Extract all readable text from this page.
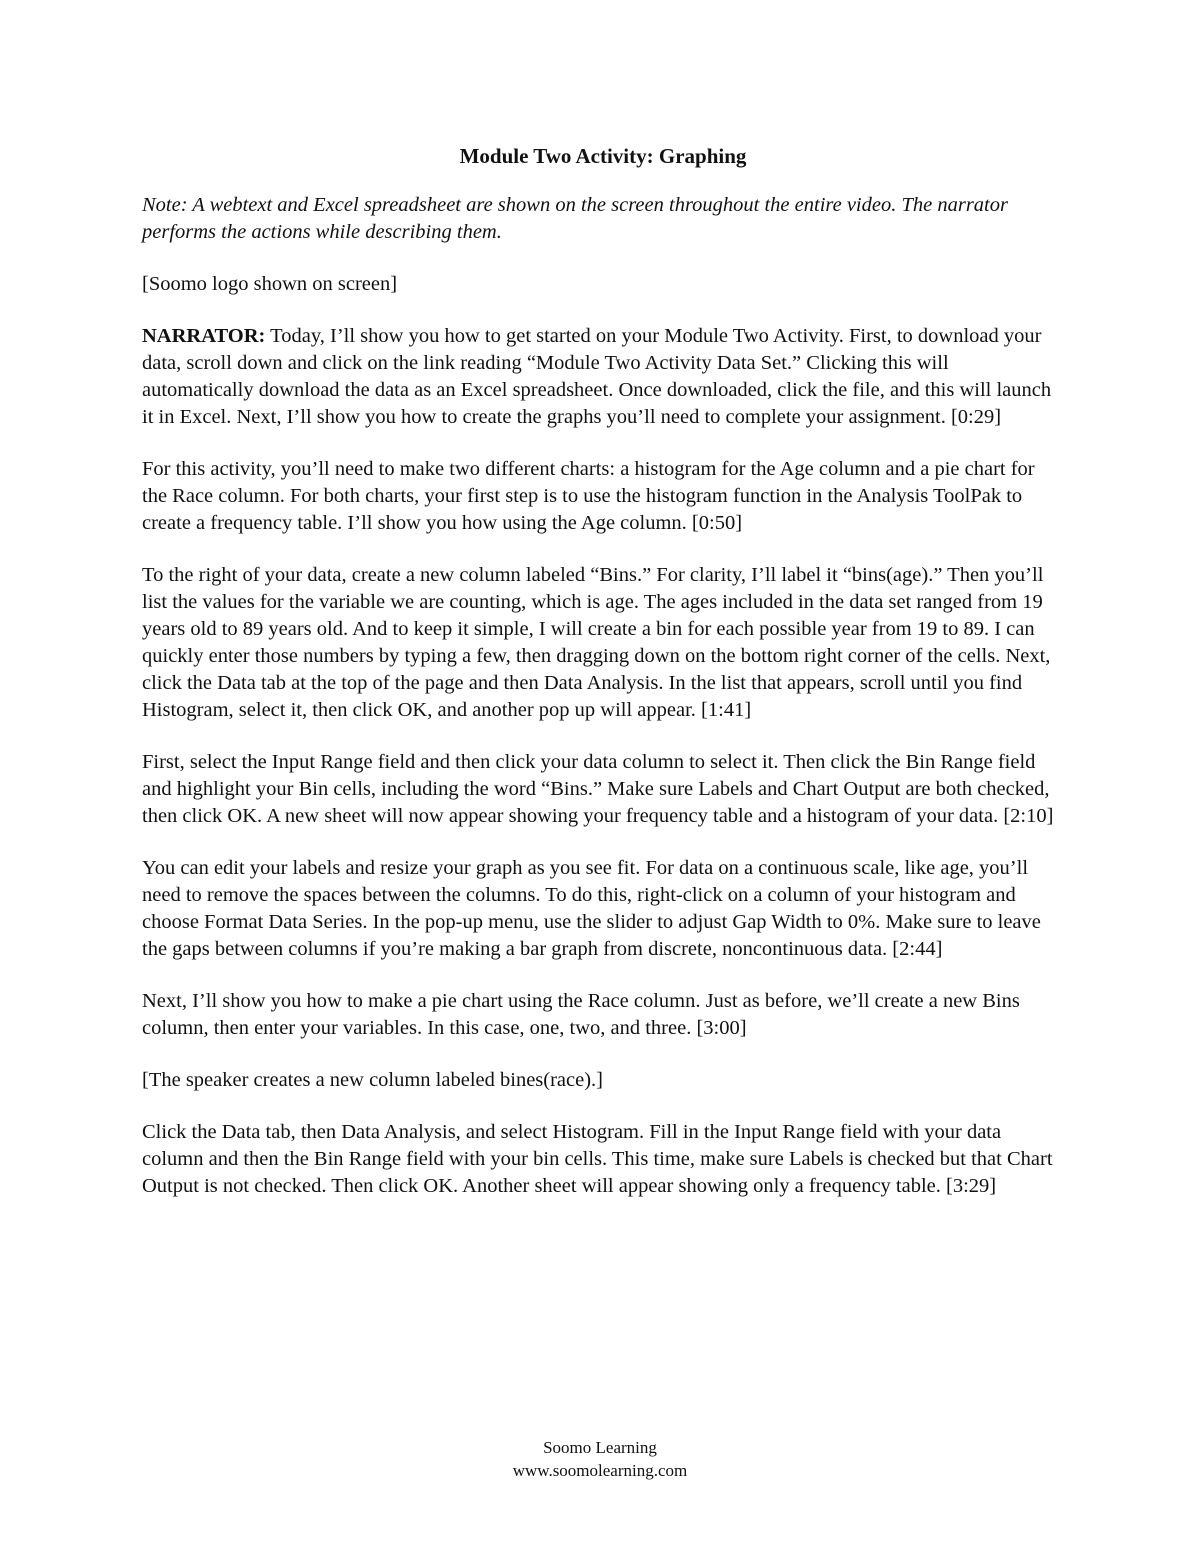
Module Two Activity: Graphing
Note: A webtext and Excel spreadsheet are shown on the screen throughout the entire video. The narrator performs the actions while describing them.
[Soomo logo shown on screen]
NARRATOR: Today, I’ll show you how to get started on your Module Two Activity. First, to download your data, scroll down and click on the link reading “Module Two Activity Data Set.” Clicking this will automatically download the data as an Excel spreadsheet. Once downloaded, click the file, and this will launch it in Excel. Next, I’ll show you how to create the graphs you’ll need to complete your assignment. [0:29]
For this activity, you’ll need to make two different charts: a histogram for the Age column and a pie chart for the Race column. For both charts, your first step is to use the histogram function in the Analysis ToolPak to create a frequency table. I’ll show you how using the Age column. [0:50]
To the right of your data, create a new column labeled “Bins.” For clarity, I’ll label it “bins(age).” Then you’ll list the values for the variable we are counting, which is age. The ages included in the data set ranged from 19 years old to 89 years old. And to keep it simple, I will create a bin for each possible year from 19 to 89. I can quickly enter those numbers by typing a few, then dragging down on the bottom right corner of the cells. Next, click the Data tab at the top of the page and then Data Analysis. In the list that appears, scroll until you find Histogram, select it, then click OK, and another pop up will appear. [1:41]
First, select the Input Range field and then click your data column to select it. Then click the Bin Range field and highlight your Bin cells, including the word “Bins.” Make sure Labels and Chart Output are both checked, then click OK. A new sheet will now appear showing your frequency table and a histogram of your data. [2:10]
You can edit your labels and resize your graph as you see fit. For data on a continuous scale, like age, you’ll need to remove the spaces between the columns. To do this, right-click on a column of your histogram and choose Format Data Series. In the pop-up menu, use the slider to adjust Gap Width to 0%. Make sure to leave the gaps between columns if you’re making a bar graph from discrete, noncontinuous data. [2:44]
Next, I’ll show you how to make a pie chart using the Race column. Just as before, we’ll create a new Bins column, then enter your variables. In this case, one, two, and three. [3:00]
[The speaker creates a new column labeled bines(race).]
Click the Data tab, then Data Analysis, and select Histogram. Fill in the Input Range field with your data column and then the Bin Range field with your bin cells. This time, make sure Labels is checked but that Chart Output is not checked. Then click OK. Another sheet will appear showing only a frequency table. [3:29]
Soomo Learning
www.soomolearning.com
